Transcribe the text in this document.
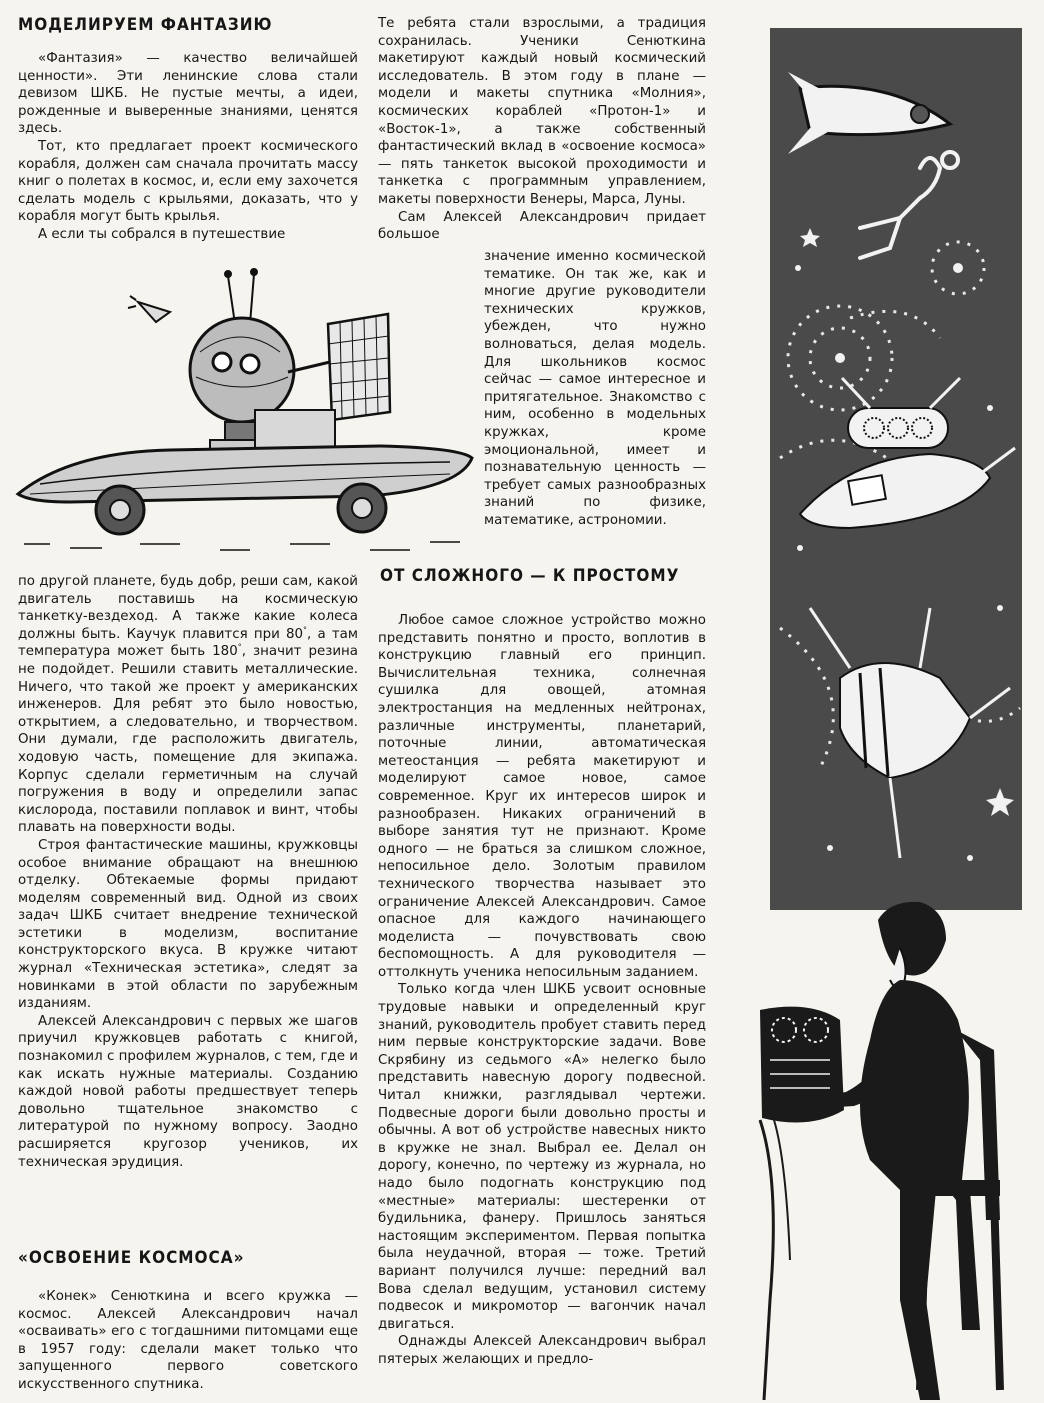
МОДЕЛИРУЕМ ФАНТАЗИЮ

«Фантазия» — качество величайшей ценности». Эти ленинские слова стали девизом ШКБ. Не пустые мечты, а идеи, рожденные и выверенные знаниями, ценятся здесь.

Тот, кто предлагает проект космического корабля, должен сам сначала прочитать массу книг о полетах в космос, и, если ему захочется сделать модель с крыльями, доказать, что у корабля могут быть крылья.

А если ты собрался в путешествие

по другой планете, будь добр, реши сам, какой двигатель поставишь на космическую танкетку-вездеход. А также какие колеса должны быть. Каучук плавится при 80°, а там температура может быть 180°, значит резина не подойдет. Решили ставить металлические. Ничего, что такой же проект у американских инженеров. Для ребят это было новостью, открытием, а следовательно, и творчеством. Они думали, где расположить двигатель, ходовую часть, помещение для экипажа. Корпус сделали герметичным на случай погружения в воду и определили запас кислорода, поставили поплавок и винт, чтобы плавать на поверхности воды.

Строя фантастические машины, кружковцы особое внимание обращают на внешнюю отделку. Обтекаемые формы придают моделям современный вид. Одной из своих задач ШКБ считает внедрение технической эстетики в моделизм, воспитание конструкторского вкуса. В кружке читают журнал «Техническая эстетика», следят за новинками в этой области по зарубежным изданиям.

Алексей Александрович с первых же шагов приучил кружковцев работать с книгой, познакомил с профилем журналов, с тем, где и как искать нужные материалы. Созданию каждой новой работы предшествует теперь довольно тщательное знакомство с литературой по нужному вопросу. Заодно расширяется кругозор учеников, их техническая эрудиция.

«ОСВОЕНИЕ КОСМОСА»

«Конек» Сенюткина и всего кружка — космос. Алексей Александрович начал «осваивать» его с тогдашними питомцами еще в 1957 году: сделали макет только что запущенного первого советского искусственного спутника.

Те ребята стали взрослыми, а традиция сохранилась. Ученики Сенюткина макетируют каждый новый космический исследователь. В этом году в плане — модели и макеты спутника «Молния», космических кораблей «Протон-1» и «Восток-1», а также собственный фантастический вклад в «освоение космоса» — пять танкеток высокой проходимости и танкетка с программным управлением, макеты поверхности Венеры, Марса, Луны.

Сам Алексей Александрович придает большое

значение именно космической тематике. Он так же, как и многие другие руководители технических кружков, убежден, что нужно волноваться, делая модель. Для школьников космос сейчас — самое интересное и притягательное. Знакомство с ним, особенно в модельных кружках, кроме эмоциональной, имеет и познавательную ценность — требует самых разнообразных знаний по физике, математике, астрономии.

ОТ СЛОЖНОГО — К ПРОСТОМУ

Любое самое сложное устройство можно представить понятно и просто, воплотив в конструкцию главный его принцип. Вычислительная техника, солнечная сушилка для овощей, атомная электростанция на медленных нейтронах, различные инструменты, планетарий, поточные линии, автоматическая метеостанция — ребята макетируют и моделируют самое новое, самое современное. Круг их интересов широк и разнообразен. Никаких ограничений в выборе занятия тут не признают. Кроме одного — не браться за слишком сложное, непосильное дело. Золотым правилом технического творчества называет это ограничение Алексей Александрович. Самое опасное для каждого начинающего моделиста — почувствовать свою беспомощность. А для руководителя — оттолкнуть ученика непосильным заданием.

Только когда член ШКБ усвоит основные трудовые навыки и определенный круг знаний, руководитель пробует ставить перед ним первые конструкторские задачи. Вове Скрябину из седьмого «А» нелегко было представить навесную дорогу подвесной. Читал книжки, разглядывал чертежи. Подвесные дороги были довольно просты и обычны. А вот об устройстве навесных никто в кружке не знал. Выбрал ее. Делал он дорогу, конечно, по чертежу из журнала, но надо было подогнать конструкцию под «местные» материалы: шестеренки от будильника, фанеру. Пришлось заняться настоящим экспериментом. Первая попытка была неудачной, вторая — тоже. Третий вариант получился лучше: передний вал Вова сделал ведущим, установил систему подвесок и микромотор — вагончик начал двигаться.

Однажды Алексей Александрович выбрал пятерых желающих и предло-
